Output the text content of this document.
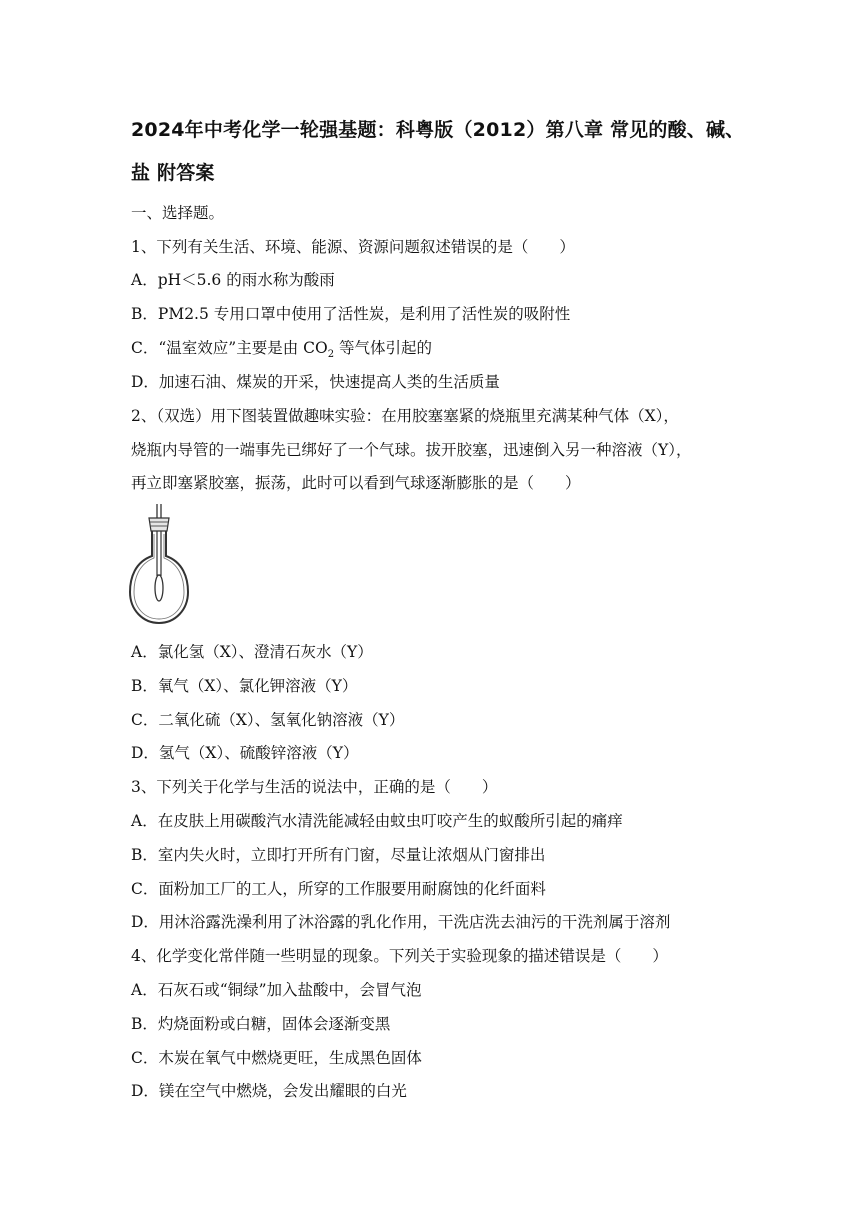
2024年中考化学一轮强基题：科粤版（2012）第八章 常见的酸、碱、
盐 附答案
一、选择题。
1、下列有关生活、环境、能源、资源问题叙述错误的是（　　）
A．pH＜5.6 的雨水称为酸雨
B．PM2.5 专用口罩中使用了活性炭，是利用了活性炭的吸附性
C．“温室效应”主要是由 $CO_2$ 等气体引起的
D．加速石油、煤炭的开采，快速提高人类的生活质量
2、（双选）用下图装置做趣味实验：在用胶塞塞紧的烧瓶里充满某种气体（X），
烧瓶内导管的一端事先已绑好了一个气球。拔开胶塞，迅速倒入另一种溶液（Y），
再立即塞紧胶塞，振荡，此时可以看到气球逐渐膨胀的是（　　）
A．氯化氢（X）、澄清石灰水（Y）
B．氧气（X）、氯化钾溶液（Y）
C．二氧化硫（X）、氢氧化钠溶液（Y）
D．氢气（X）、硫酸锌溶液（Y）
3、下列关于化学与生活的说法中，正确的是（　　）
A．在皮肤上用碳酸汽水清洗能减轻由蚊虫叮咬产生的蚁酸所引起的痛痒
B．室内失火时，立即打开所有门窗，尽量让浓烟从门窗排出
C．面粉加工厂的工人，所穿的工作服要用耐腐蚀的化纤面料
D．用沐浴露洗澡利用了沐浴露的乳化作用，干洗店洗去油污的干洗剂属于溶剂
4、化学变化常伴随一些明显的现象。下列关于实验现象的描述错误是（　　）
A．石灰石或“铜绿”加入盐酸中，会冒气泡
B．灼烧面粉或白糖，固体会逐渐变黑
C．木炭在氧气中燃烧更旺，生成黑色固体
D．镁在空气中燃烧，会发出耀眼的白光
